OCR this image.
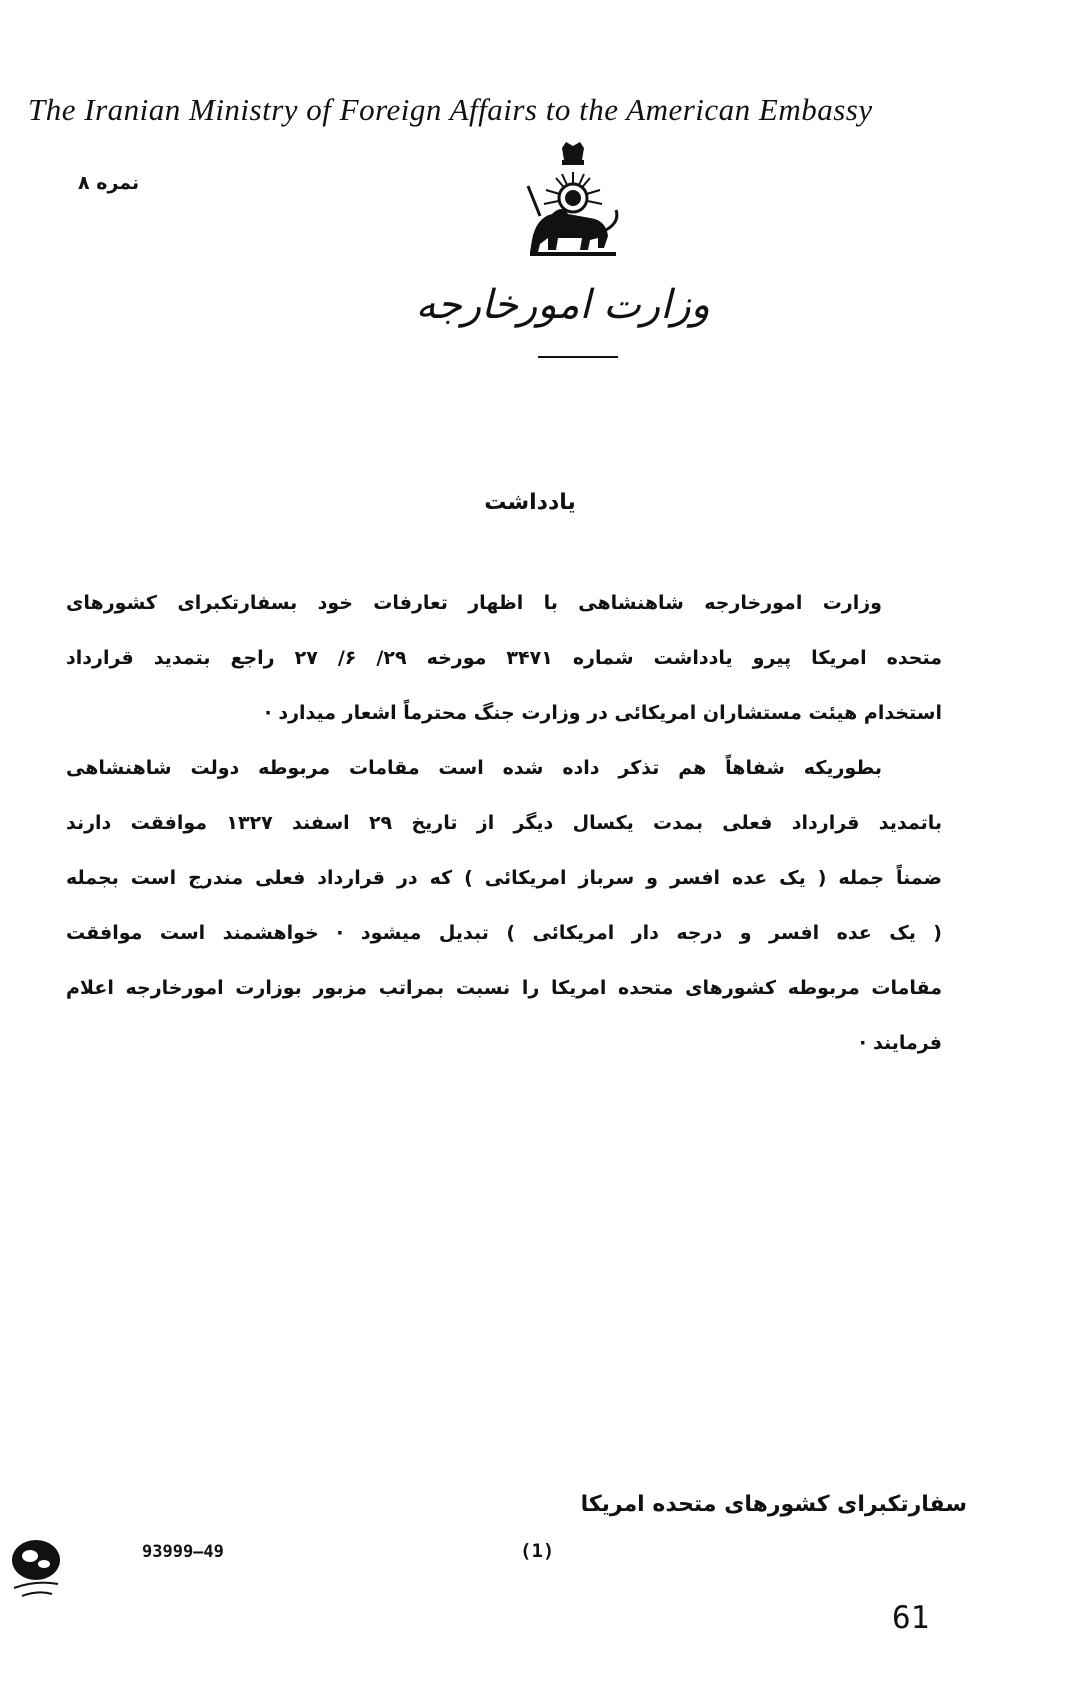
The Iranian Ministry of Foreign Affairs to the American Embassy
نمره ۸
وزارت امورخارجه
یادداشت
وزارت امورخارجه شاهنشاهی با اظهار تعارفات خود بسفارتکبرای کشورهای
متحده امریکا پیرو یادداشت شماره ۳۴۷۱ مورخه ۲۹/ ۶/ ۲۷ راجع بتمدید قرارداد
استخدام هیئت مستشاران امریکائی در وزارت جنگ محترماً اشعار میدارد ·
بطوریکه شفاهاً هم تذکر داده شده است مقامات مربوطه دولت شاهنشاهی
باتمدید قرارداد فعلی بمدت یکسال دیگر از تاریخ ۲۹ اسفند ۱۳۲۷ موافقت دارند
ضمناً جمله ( یک عده افسر و سرباز امریکائی ) که در قرارداد فعلی مندرج است بجمله
( یک عده افسر و درجه دار امریکائی ) تبدیل میشود · خواهشمند است موافقت
مقامات مربوطه کشورهای متحده امریکا را نسبت بمراتب مزبور بوزارت امورخارجه اعلام
فرمایند ·
سفارتکبرای کشورهای متحده امریکا
93999—49	(1)
61
